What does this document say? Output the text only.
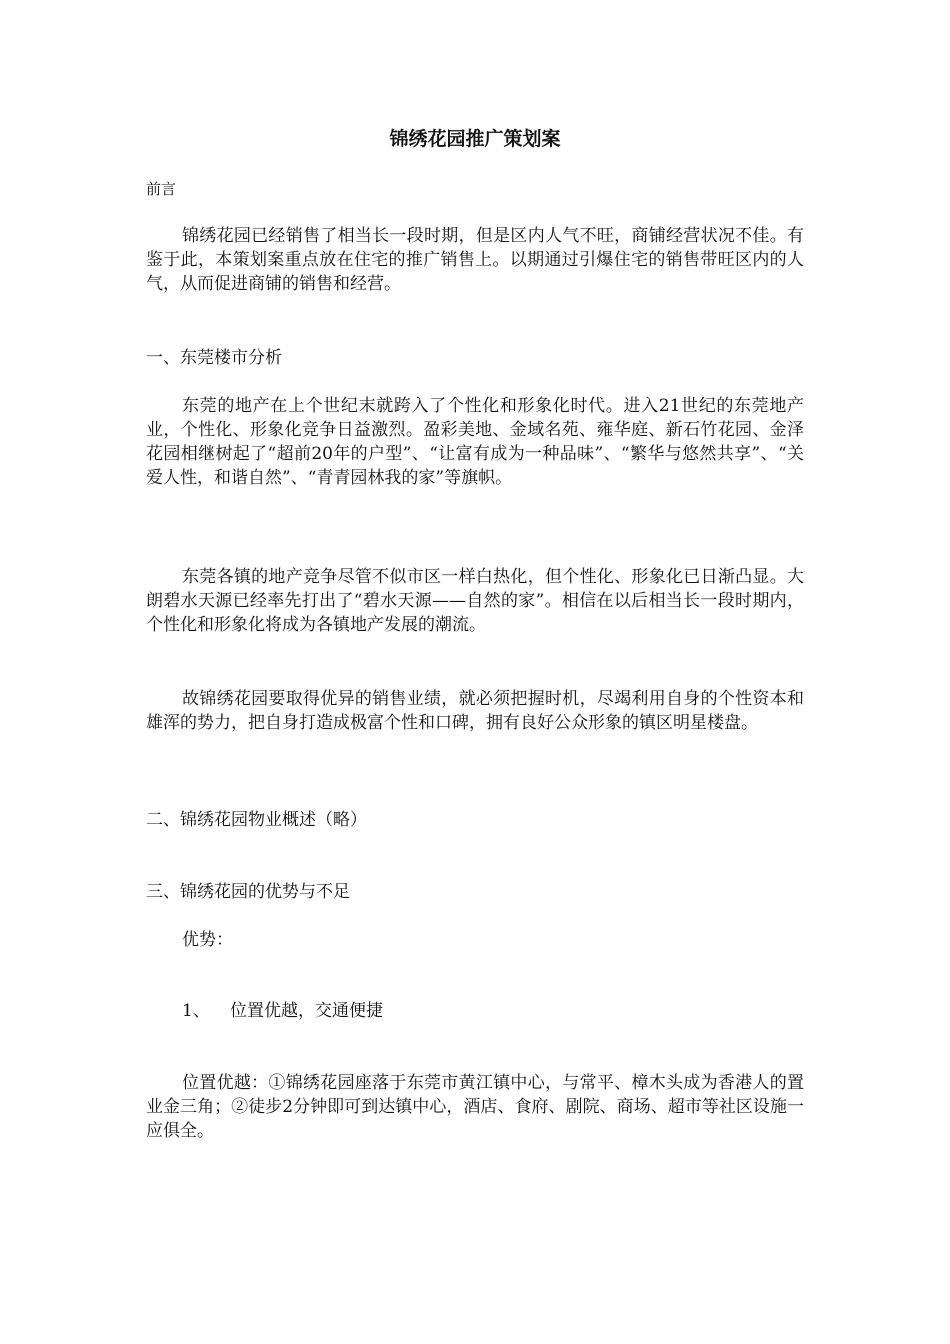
锦绣花园推广策划案
前言
锦绣花园已经销售了相当长一段时期，但是区内人气不旺，商铺经营状况不佳。有鉴于此，本策划案重点放在住宅的推广销售上。以期通过引爆住宅的销售带旺区内的人气，从而促进商铺的销售和经营。
一、东莞楼市分析
东莞的地产在上个世纪末就跨入了个性化和形象化时代。进入21世纪的东莞地产业，个性化、形象化竞争日益激烈。盈彩美地、金域名苑、雍华庭、新石竹花园、金泽花园相继树起了“超前20年的户型”、“让富有成为一种品味”、“繁华与悠然共享”、“关爱人性，和谐自然”、“青青园林我的家”等旗帜。
东莞各镇的地产竞争尽管不似市区一样白热化，但个性化、形象化已日渐凸显。大朗碧水天源已经率先打出了“碧水天源——自然的家”。相信在以后相当长一段时期内，个性化和形象化将成为各镇地产发展的潮流。
故锦绣花园要取得优异的销售业绩，就必须把握时机，尽竭利用自身的个性资本和雄浑的势力，把自身打造成极富个性和口碑，拥有良好公众形象的镇区明星楼盘。
二、锦绣花园物业概述（略）
三、锦绣花园的优势与不足
优势：
1、 位置优越，交通便捷
位置优越：①锦绣花园座落于东莞市黄江镇中心，与常平、樟木头成为香港人的置业金三角；②徒步2分钟即可到达镇中心，酒店、食府、剧院、商场、超市等社区设施一应俱全。
